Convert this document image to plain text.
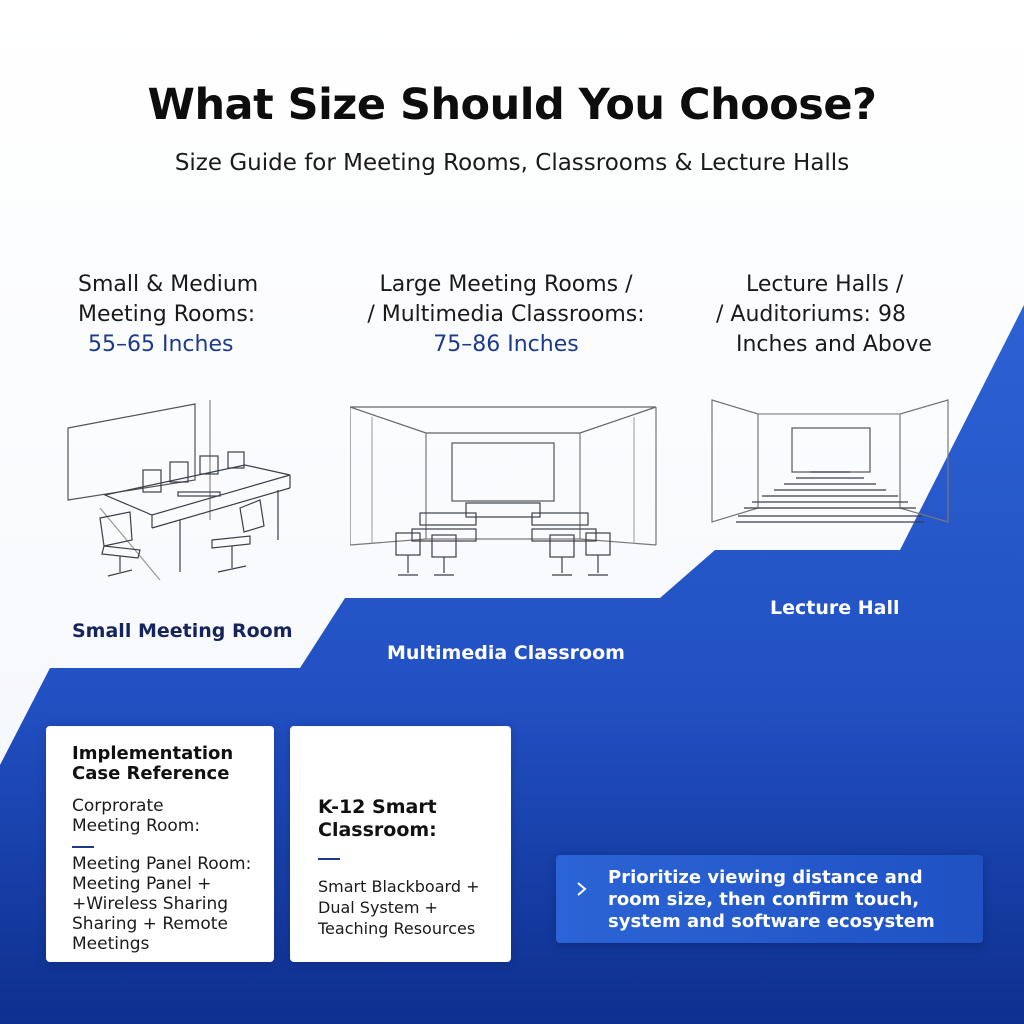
What Size Should You Choose?
Size Guide for Meeting Rooms, Classrooms & Lecture Halls
Small & Medium
Meeting Rooms:
55–65 Inches
Large Meeting Rooms /
/ Multimedia Classrooms:
75–86 Inches
Lecture Halls /
/ Auditoriums: 98
Inches and Above
Small Meeting Room
Multimedia Classroom
Lecture Hall
Implementation Case Reference
Corprorate Meeting Room:
Meeting Panel Room: Meeting Panel + +Wireless Sharing Sharing + Remote Meetings
K-12 Smart Classroom:
Smart Blackboard + Dual System + Teaching Resources
Prioritize viewing distance and room size, then confirm touch, system and software ecosystem
